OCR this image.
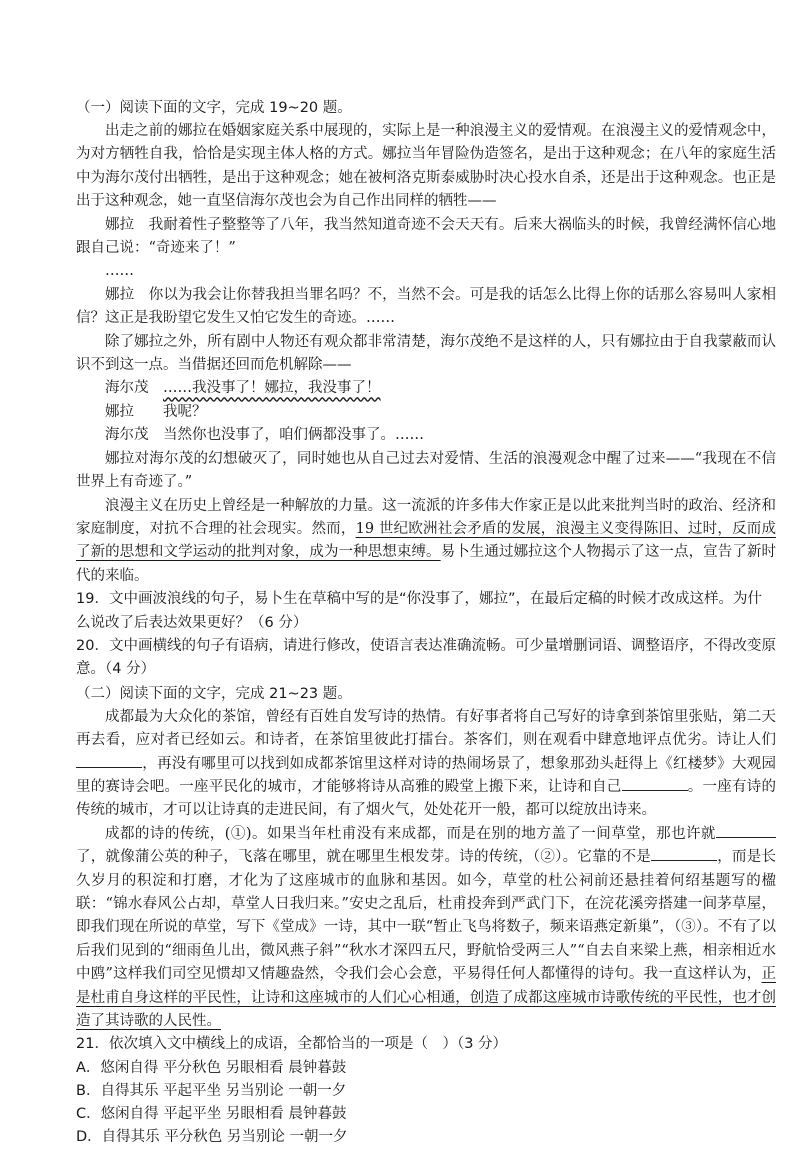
（一）阅读下面的文字，完成 19~20 题。

出走之前的娜拉在婚姻家庭关系中展现的，实际上是一种浪漫主义的爱情观。在浪漫主义的爱情观念中，为对方牺牲自我，恰恰是实现主体人格的方式。娜拉当年冒险伪造签名，是出于这种观念；在八年的家庭生活中为海尔茂付出牺牲，是出于这种观念；她在被柯洛克斯泰威胁时决心投水自杀，还是出于这种观念。也正是出于这种观念，她一直坚信海尔茂也会为自己作出同样的牺牲——

娜拉　我耐着性子整整等了八年，我当然知道奇迹不会天天有。后来大祸临头的时候，我曾经满怀信心地跟自己说：“奇迹来了！”

……

娜拉　你以为我会让你替我担当罪名吗？不，当然不会。可是我的话怎么比得上你的话那么容易叫人家相信？这正是我盼望它发生又怕它发生的奇迹。……

除了娜拉之外，所有剧中人物还有观众都非常清楚，海尔茂绝不是这样的人，只有娜拉由于自我蒙蔽而认识不到这一点。当借据还回而危机解除——

海尔茂　……我没事了！娜拉，我没事了！

娜拉　　我呢？

海尔茂　当然你也没事了，咱们俩都没事了。……

娜拉对海尔茂的幻想破灭了，同时她也从自己过去对爱情、生活的浪漫观念中醒了过来——“我现在不信世界上有奇迹了。”

浪漫主义在历史上曾经是一种解放的力量。这一流派的许多伟大作家正是以此来批判当时的政治、经济和家庭制度，对抗不合理的社会现实。然而，19 世纪欧洲社会矛盾的发展，浪漫主义变得陈旧、过时，反而成了新的思想和文学运动的批判对象，成为一种思想束缚。易卜生通过娜拉这个人物揭示了这一点，宣告了新时代的来临。

19．文中画波浪线的句子，易卜生在草稿中写的是“你没事了，娜拉”，在最后定稿的时候才改成这样。为什么说改了后表达效果更好？（6 分）

20．文中画横线的句子有语病，请进行修改，使语言表达准确流畅。可少量增删词语、调整语序，不得改变原意。（4 分）

（二）阅读下面的文字，完成 21~23 题。

成都最为大众化的茶馆，曾经有百姓自发写诗的热情。有好事者将自己写好的诗拿到茶馆里张贴，第二天再去看，应对者已经如云。和诗者，在茶馆里彼此打擂台。茶客们，则在观看中肆意地评点优劣。诗让人们，再没有哪里可以找到如成都茶馆里这样对诗的热闹场景了，想象那劲头赶得上《红楼梦》大观园里的赛诗会吧。一座平民化的城市，才能够将诗从高雅的殿堂上搬下来，让诗和自己	。一座有诗的传统的城市，才可以让诗真的走进民间，有了烟火气，处处花开一般，都可以绽放出诗来。

成都的诗的传统，(①)。如果当年杜甫没有来成都，而是在别的地方盖了一间草堂，那也许就了，就像蒲公英的种子，飞落在哪里，就在哪里生根发芽。诗的传统，（②）。它靠的不是	，而是长久岁月的积淀和打磨，才化为了这座城市的血脉和基因。如今，草堂的杜公祠前还悬挂着何绍基题写的楹联：“锦水春风公占却，草堂人日我归来。”安史之乱后，杜甫投奔到严武门下，在浣花溪旁搭建一间茅草屋，即我们现在所说的草堂，写下《堂成》一诗，其中一联“暂止飞鸟将数子，频来语燕定新巢”，（③）。不有了以后我们见到的“细雨鱼儿出，微风燕子斜”“秋水才深四五尺，野航恰受两三人”“自去自来梁上燕，相亲相近水中鸥”这样我们司空见惯却又情趣盎然，令我们会心会意，平易得任何人都懂得的诗句。我一直这样认为，正是杜甫自身这样的平民性，让诗和这座城市的人们心心相通，创造了成都这座城市诗歌传统的平民性，也才创造了其诗歌的人民性。

21．依次填入文中横线上的成语，全都恰当的一项是（　）（3 分）

A．悠闲自得 平分秋色 另眼相看 晨钟暮鼓

B．自得其乐 平起平坐 另当别论 一朝一夕

C．悠闲自得 平起平坐 另眼相看 晨钟暮鼓

D．自得其乐 平分秋色 另当别论 一朝一夕
